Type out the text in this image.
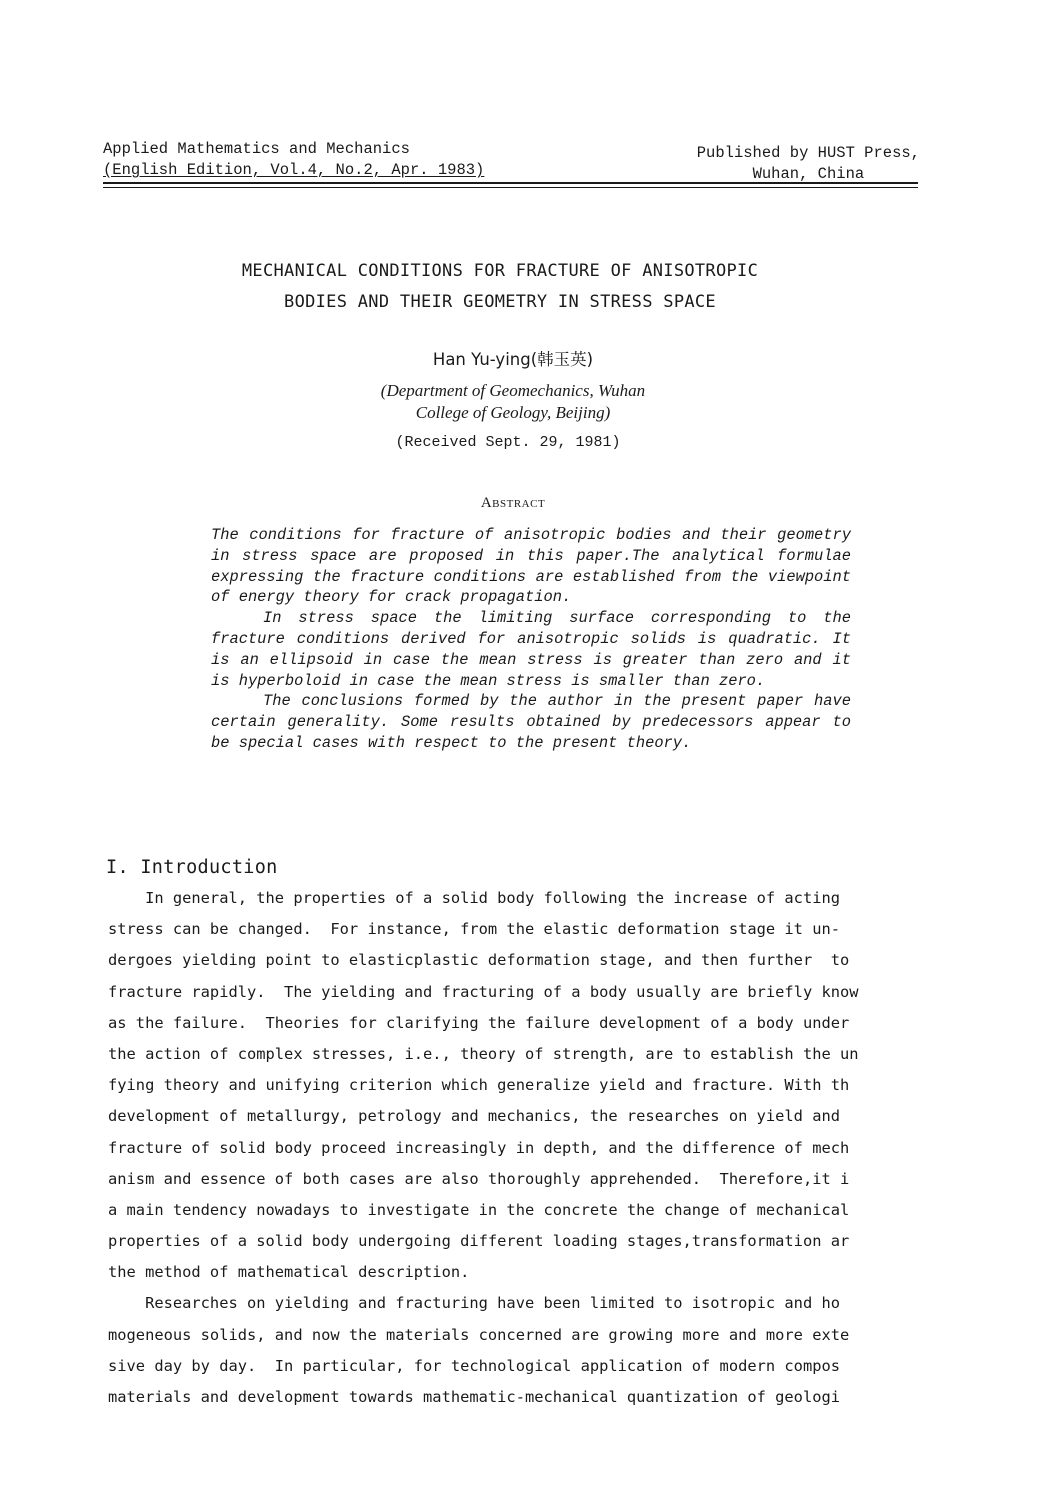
Applied Mathematics and Mechanics
(English Edition, Vol.4, No.2, Apr. 1983)
Published by HUST Press,
Wuhan, China
MECHANICAL CONDITIONS FOR FRACTURE OF ANISOTROPIC
BODIES AND THEIR GEOMETRY IN STRESS SPACE
Han Yu-ying(韩玉英)
(Department of Geomechanics, Wuhan
College of Geology, Beijing)
(Received Sept. 29, 1981)
Abstract

The conditions for fracture of anisotropic bodies and their geometry in stress space are proposed in this paper.The analytical formulae expressing the fracture conditions are established from the viewpoint of energy theory for crack propagation.

In stress space the limiting surface corresponding to the fracture conditions derived for anisotropic solids is quadratic. It is an ellipsoid in case the mean stress is greater than zero and it is hyperboloid in case the mean stress is smaller than zero.

The conclusions formed by the author in the present paper have certain generality. Some results obtained by predecessors appear to be special cases with respect to the present theory.

I. Introduction
In general, the properties of a solid body following the increase of acting
stress can be changed.  For instance, from the elastic deformation stage it un-
dergoes yielding point to elasticplastic deformation stage, and then further  to
fracture rapidly.  The yielding and fracturing of a body usually are briefly know
as the failure.  Theories for clarifying the failure development of a body under
the action of complex stresses, i.e., theory of strength, are to establish the un
fying theory and unifying criterion which generalize yield and fracture. With th
development of metallurgy, petrology and mechanics, the researches on yield and
fracture of solid body proceed increasingly in depth, and the difference of mech
anism and essence of both cases are also thoroughly apprehended.  Therefore,it i
a main tendency nowadays to investigate in the concrete the change of mechanical
properties of a solid body undergoing different loading stages,transformation ar
the method of mathematical description.
Researches on yielding and fracturing have been limited to isotropic and ho
mogeneous solids, and now the materials concerned are growing more and more exte
sive day by day.  In particular, for technological application of modern compos
materials and development towards mathematic-mechanical quantization of geologi
